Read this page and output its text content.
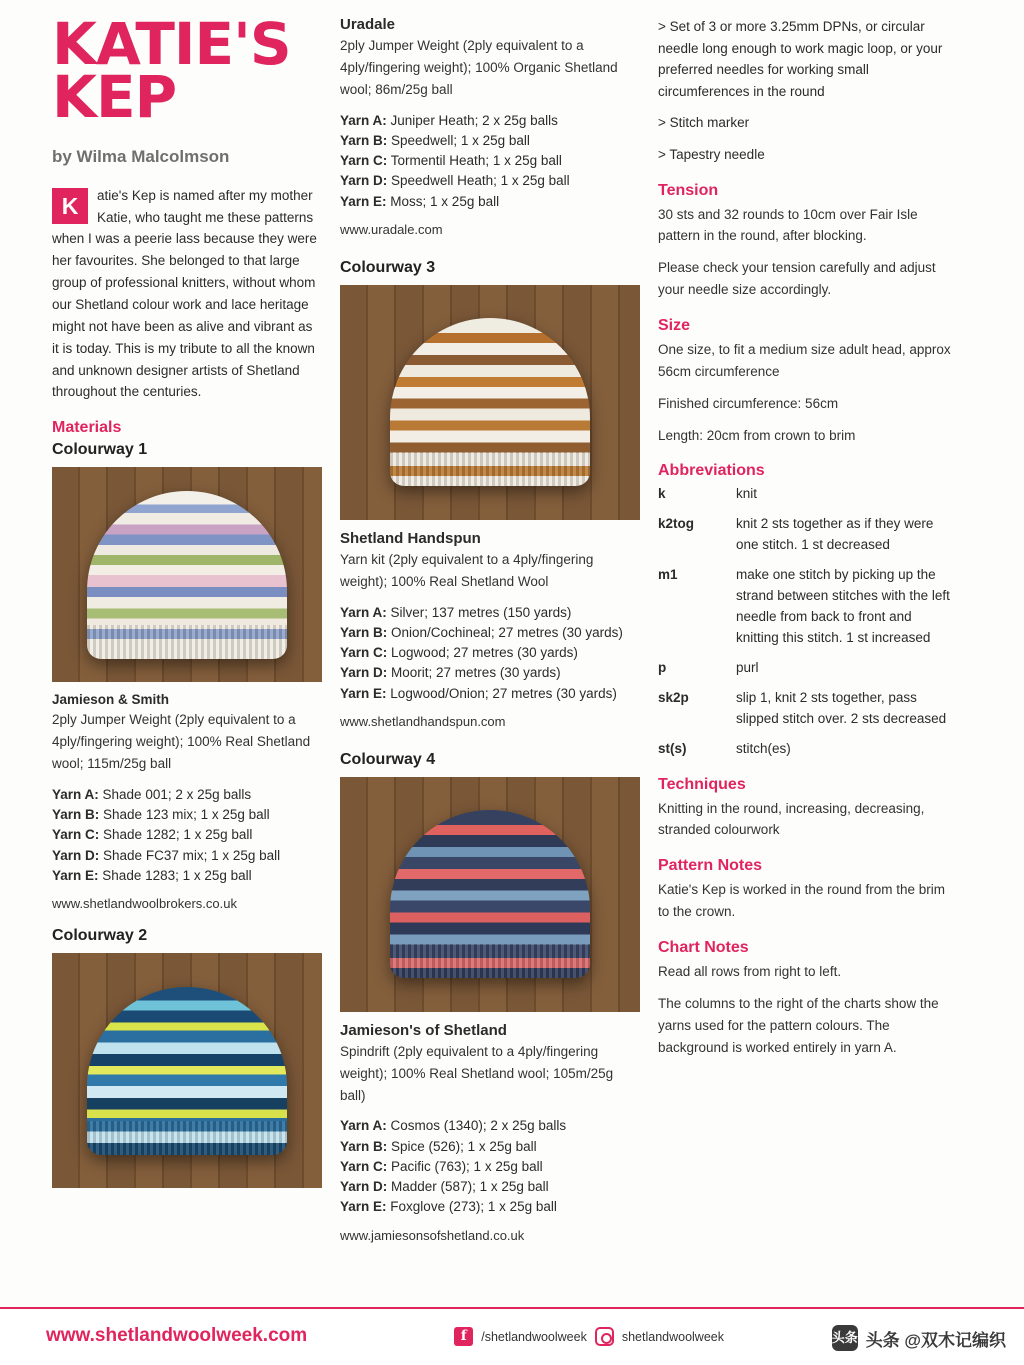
KATIE'S KEP
by Wilma Malcolmson
K	atie's Kep is named after my mother Katie, who taught me these patterns when I was a peerie lass because they were her favourites. She belonged to that large group of professional knitters, without whom our Shetland colour work and lace heritage might not have been as alive and vibrant as it is today. This is my tribute to all the known and unknown designer artists of Shetland throughout the centuries.
Materials
Colourway 1
Jamieson & Smith

2ply Jumper Weight (2ply equivalent to a 4ply/fingering weight); 100% Real Shetland wool; 115m/25g ball

Yarn A: Shade 001; 2 x 25g balls
Yarn B: Shade 123 mix; 1 x 25g ball
Yarn C: Shade 1282; 1 x 25g ball
Yarn D: Shade FC37 mix; 1 x 25g ball
Yarn E: Shade 1283; 1 x 25g ball
www.shetlandwoolbrokers.co.uk
Colourway 2
Uradale

2ply Jumper Weight (2ply equivalent to a 4ply/fingering weight); 100% Organic Shetland wool; 86m/25g ball

Yarn A: Juniper Heath; 2 x 25g balls
Yarn B: Speedwell; 1 x 25g ball
Yarn C: Tormentil Heath; 1 x 25g ball
Yarn D: Speedwell Heath; 1 x 25g ball
Yarn E: Moss; 1 x 25g ball
www.uradale.com
Colourway 3
Shetland Handspun

Yarn kit (2ply equivalent to a 4ply/fingering weight); 100% Real Shetland Wool

Yarn A: Silver; 137 metres (150 yards)
Yarn B: Onion/Cochineal; 27 metres (30 yards)
Yarn C: Logwood; 27 metres (30 yards)
Yarn D: Moorit; 27 metres (30 yards)
Yarn E: Logwood/Onion; 27 metres (30 yards)
www.shetlandhandspun.com
Colourway 4
Jamieson's of Shetland

Spindrift (2ply equivalent to a 4ply/fingering weight); 100% Real Shetland wool; 105m/25g ball)

Yarn A: Cosmos (1340); 2 x 25g balls
Yarn B: Spice (526); 1 x 25g ball
Yarn C: Pacific (763); 1 x 25g ball
Yarn D: Madder (587); 1 x 25g ball
Yarn E: Foxglove (273); 1 x 25g ball
www.jamiesonsofshetland.co.uk

> Set of 3 or more 3.25mm DPNs, or circular needle long enough to work magic loop, or your preferred needles for working small circumferences in the round

> Stitch marker

> Tapestry needle

Tension

30 sts and 32 rounds to 10cm over Fair Isle pattern in the round, after blocking.

Please check your tension carefully and adjust your needle size accordingly.

Size

One size, to fit a medium size adult head, approx 56cm circumference

Finished circumference: 56cm

Length: 20cm from crown to brim

Abbreviations
k	knit
k2tog	knit 2 sts together as if they were one stitch. 1 st decreased
m1	make one stitch by picking up the strand between stitches with the left needle from back to front and knitting this stitch. 1 st increased
p	purl
sk2p	slip 1, knit 2 sts together, pass slipped stitch over. 2 sts decreased
st(s)	stitch(es)
Techniques

Knitting in the round, increasing, decreasing, stranded colourwork

Pattern Notes

Katie's Kep is worked in the round from the brim to the crown.

Chart Notes

Read all rows from right to left.

The columns to the right of the charts show the yarns used for the pattern colours. The background is worked entirely in yarn A.

www.shetlandwoolweek.com	f	/shetlandwoolweek	shetlandwoolweek	头条 头条 @双木记编织
